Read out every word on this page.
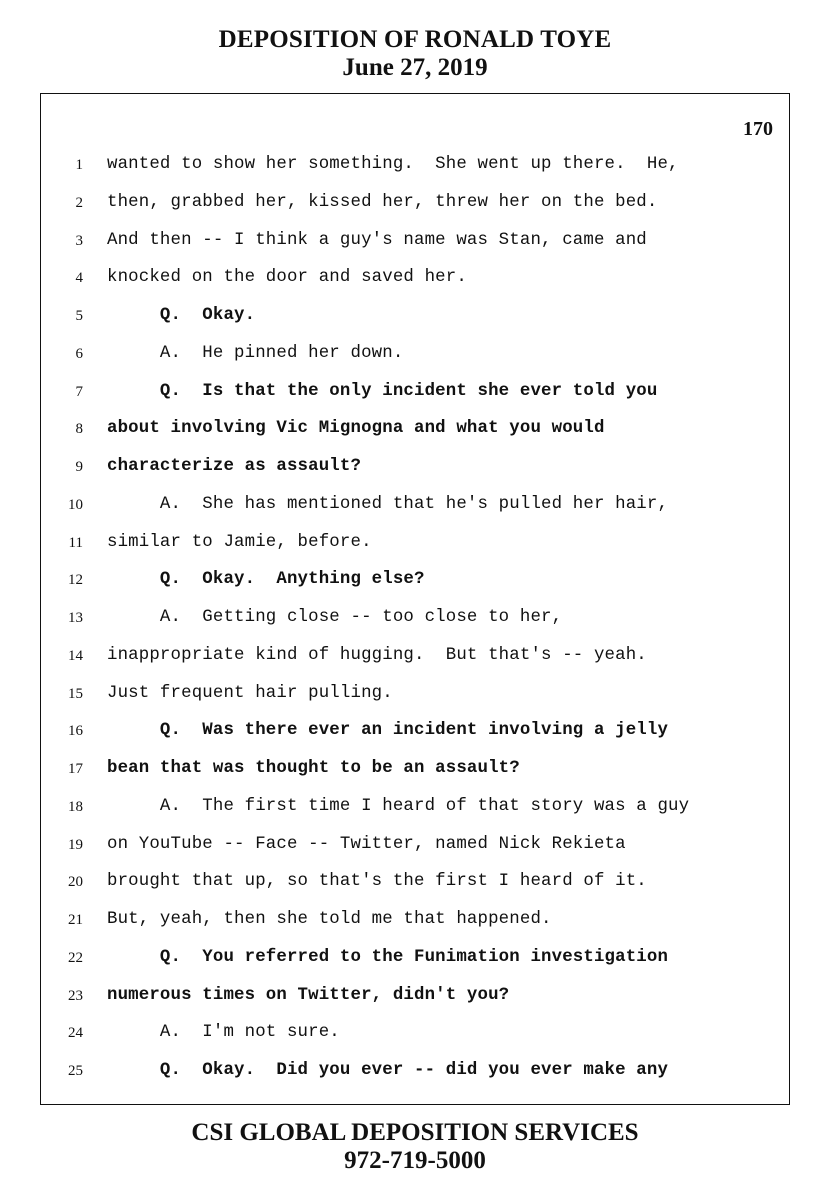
DEPOSITION OF RONALD TOYE
June 27, 2019
170
1 wanted to show her something.  She went up there.  He,
2 then, grabbed her, kissed her, threw her on the bed.
3 And then -- I think a guy's name was Stan, came and
4 knocked on the door and saved her.
5 Q.  Okay.
6 A.  He pinned her down.
7 Q.  Is that the only incident she ever told you
8 about involving Vic Mignogna and what you would
9 characterize as assault?
10 A.  She has mentioned that he's pulled her hair,
11 similar to Jamie, before.
12 Q.  Okay.  Anything else?
13 A.  Getting close -- too close to her,
14 inappropriate kind of hugging.  But that's -- yeah.
15 Just frequent hair pulling.
16 Q.  Was there ever an incident involving a jelly
17 bean that was thought to be an assault?
18 A.  The first time I heard of that story was a guy
19 on YouTube -- Face -- Twitter, named Nick Rekieta
20 brought that up, so that's the first I heard of it.
21 But, yeah, then she told me that happened.
22 Q.  You referred to the Funimation investigation
23 numerous times on Twitter, didn't you?
24 A.  I'm not sure.
25 Q.  Okay.  Did you ever -- did you ever make any
CSI GLOBAL DEPOSITION SERVICES
972-719-5000
